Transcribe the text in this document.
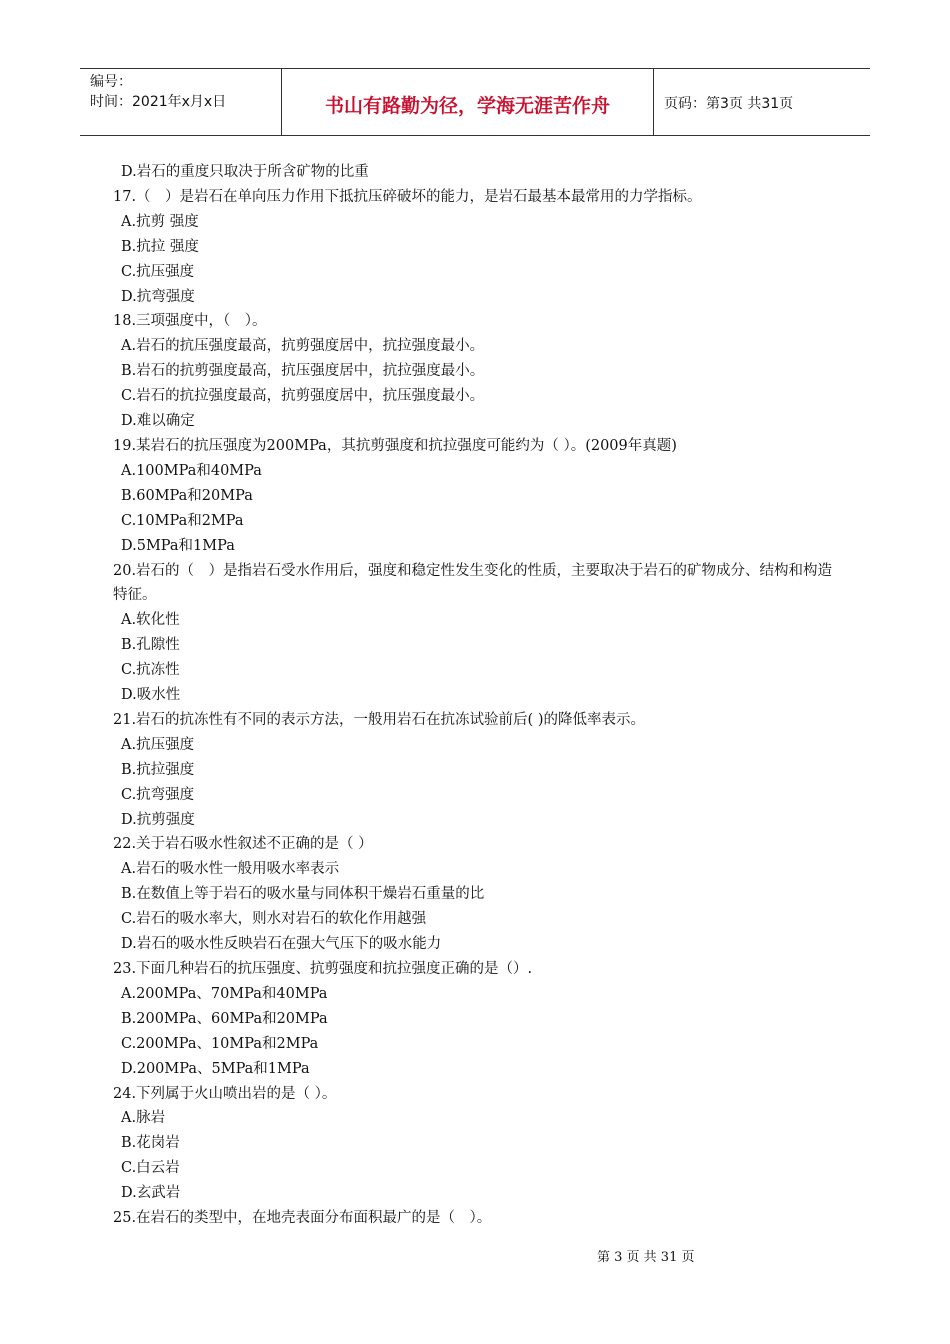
编号：
时间：2021年x月x日	书山有路勤为径，学海无涯苦作舟	页码：第3页 共31页

D.岩石的重度只取决于所含矿物的比重

17.（　）是岩石在单向压力作用下抵抗压碎破坏的能力，是岩石最基本最常用的力学指标。

A.抗剪 强度

B.抗拉 强度

C.抗压强度

D.抗弯强度

18.三项强度中，（　）。

A.岩石的抗压强度最高，抗剪强度居中，抗拉强度最小。

B.岩石的抗剪强度最高，抗压强度居中，抗拉强度最小。

C.岩石的抗拉强度最高，抗剪强度居中，抗压强度最小。

D.难以确定

19.某岩石的抗压强度为200MPa，其抗剪强度和抗拉强度可能约为（ ）。(2009年真题)

A.100MPa和40MPa

B.60MPa和20MPa

C.10MPa和2MPa

D.5MPa和1MPa

20.岩石的（　）是指岩石受水作用后，强度和稳定性发生变化的性质，主要取决于岩石的矿物成分、结构和构造特征。

A.软化性

B.孔隙性

C.抗冻性

D.吸水性

21.岩石的抗冻性有不同的表示方法，一般用岩石在抗冻试验前后( )的降低率表示。

A.抗压强度

B.抗拉强度

C.抗弯强度

D.抗剪强度

22.关于岩石吸水性叙述不正确的是（ ）

A.岩石的吸水性一般用吸水率表示

B.在数值上等于岩石的吸水量与同体积干燥岩石重量的比

C.岩石的吸水率大，则水对岩石的软化作用越强

D.岩石的吸水性反映岩石在强大气压下的吸水能力

23.下面几种岩石的抗压强度、抗剪强度和抗拉强度正确的是（）.

A.200MPa、70MPa和40MPa

B.200MPa、60MPa和20MPa

C.200MPa、10MPa和2MPa

D.200MPa、5MPa和1MPa

24.下列属于火山喷出岩的是（ ）。

A.脉岩

B.花岗岩

C.白云岩

D.玄武岩

25.在岩石的类型中，在地壳表面分布面积最广的是（　）。

第 3 页 共 31 页
